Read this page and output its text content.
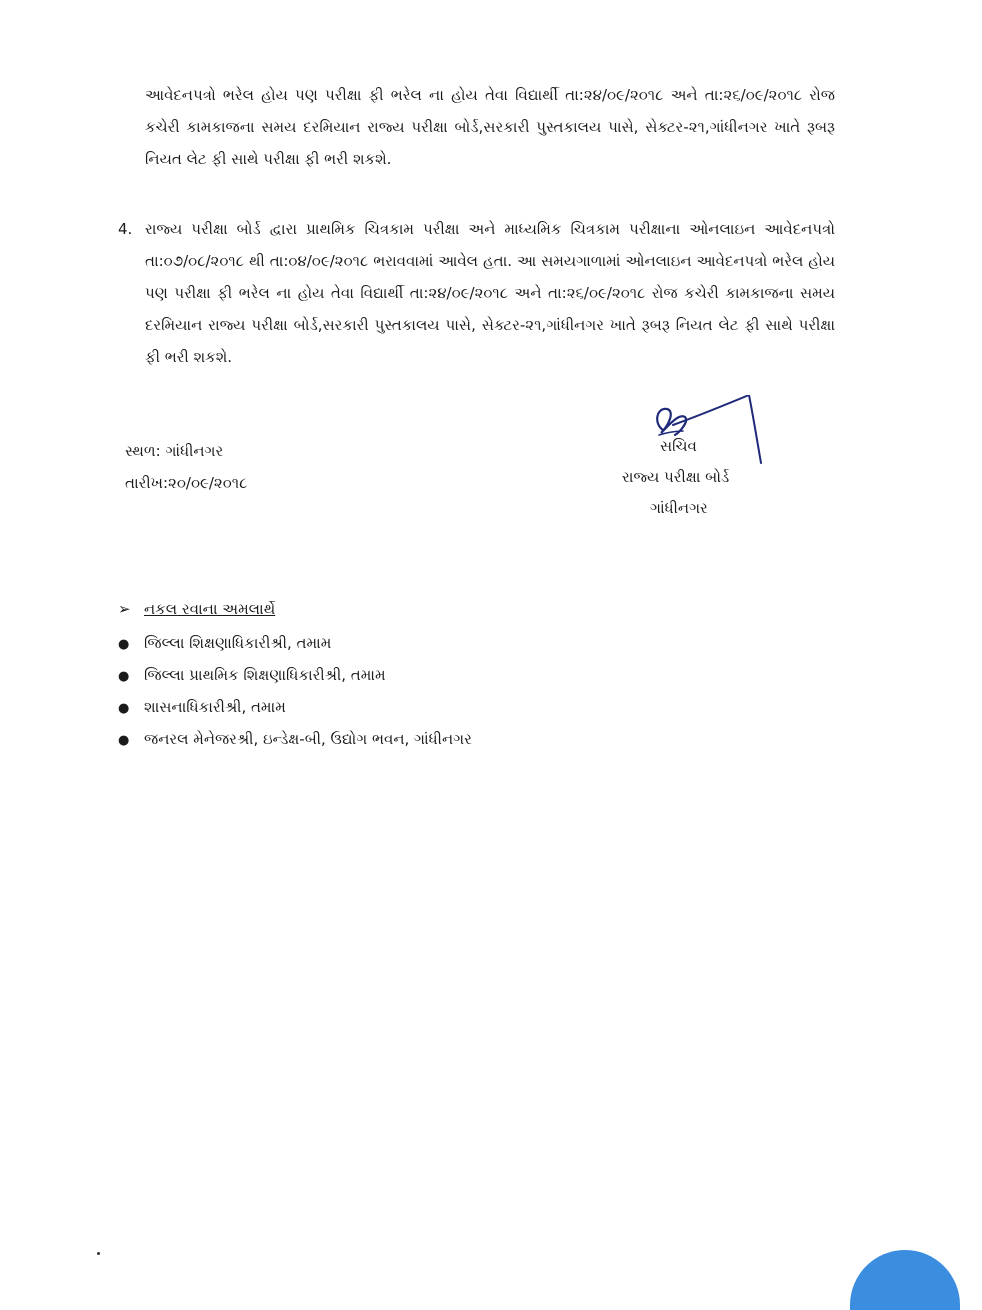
આવેદનપત્રો ભરેલ હોય પણ પરીક્ષા ફી ભરેલ ના હોય તેવા વિદ્યાર્થી તા:૨૪/૦૯/૨૦૧૮ અને તા:૨૬/૦૯/૨૦૧૮ રોજ કચેરી કામકાજના સમય દરમિયાન રાજ્ય પરીક્ષા બોર્ડ,સરકારી પુસ્તકાલય પાસે, સેક્ટર-૨૧,ગાંધીનગર ખાતે રૂબરૂ નિયત લેટ ફી સાથે પરીક્ષા ફી ભરી શકશે.

4. રાજ્ય પરીક્ષા બોર્ડ દ્વારા પ્રાથમિક ચિત્રકામ પરીક્ષા અને માધ્યમિક ચિત્રકામ પરીક્ષાના ઓનલાઇન આવેદનપત્રો તા:૦૭/૦૮/૨૦૧૮ થી તા:૦૪/૦૯/૨૦૧૮ ભરાવવામાં આવેલ હતા. આ સમયગાળામાં ઓનલાઇન આવેદનપત્રો ભરેલ હોય પણ પરીક્ષા ફી ભરેલ ના હોય તેવા વિદ્યાર્થી તા:૨૪/૦૯/૨૦૧૮ અને તા:૨૬/૦૯/૨૦૧૮ રોજ કચેરી કામકાજના સમય દરમિયાન રાજ્ય પરીક્ષા બોર્ડ,સરકારી પુસ્તકાલય પાસે, સેક્ટર-૨૧,ગાંધીનગર ખાતે રૂબરૂ નિયત લેટ ફી સાથે પરીક્ષા ફી ભરી શકશે.

સ્થળ: ગાંધીનગર
તારીખ:૨૦/૦૯/૨૦૧૮
સચિવ
રાજ્ય પરીક્ષા બોર્ડ
ગાંધીનગર
➢ નકલ રવાના અમલાર્થે
● જિલ્લા શિક્ષણાધિકારીશ્રી, તમામ
● જિલ્લા પ્રાથમિક શિક્ષણાધિકારીશ્રી, તમામ
● શાસનાધિકારીશ્રી, તમામ
● જનરલ મેનેજરશ્રી, ઇન્ડેક્ષ-બી, ઉદ્યોગ ભવન, ગાંધીનગર
